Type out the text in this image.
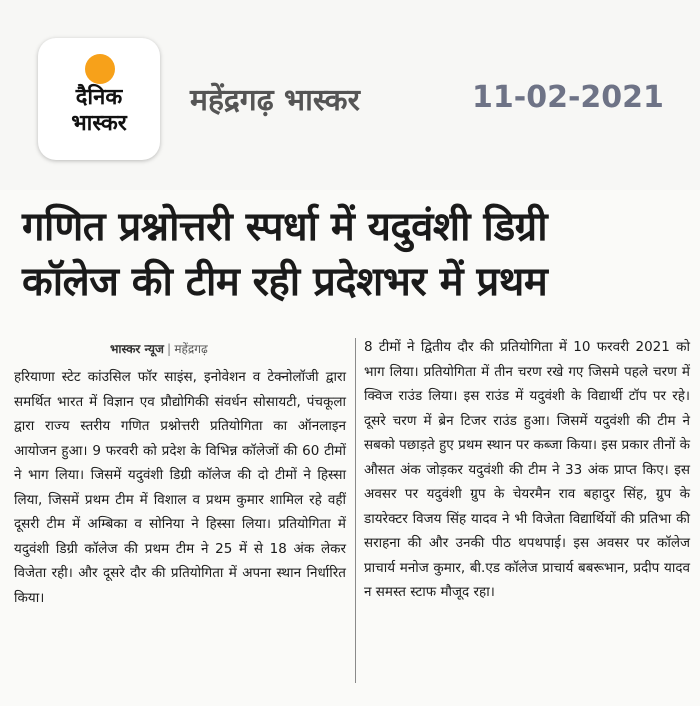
दैनिक
भास्कर
महेंद्रगढ़ भास्कर	11-02-2021
गणित प्रश्नोत्तरी स्पर्धा में यदुवंशी डिग्री
कॉलेज की टीम रही प्रदेशभर में प्रथम
भास्कर न्यूज | महेंद्रगढ़

हरियाणा स्टेट कांउसिल फॉर साइंस, इनोवेशन व टेक्नोलॉजी द्वारा समर्थित भारत में विज्ञान एव प्रौद्योगिकी संवर्धन सोसायटी, पंचकूला द्वारा राज्य स्तरीय गणित प्रश्नोत्तरी प्रतियोगिता का ऑनलाइन आयोजन हुआ। 9 फरवरी को प्रदेश के विभिन्न कॉलेजों की 60 टीमों ने भाग लिया। जिसमें यदुवंशी डिग्री कॉलेज की दो टीमों ने हिस्सा लिया, जिसमें प्रथम टीम में विशाल व प्रथम कुमार शामिल रहे वहीं दूसरी टीम में अम्बिका व सोनिया ने हिस्सा लिया। प्रतियोगिता में यदुवंशी डिग्री कॉलेज की प्रथम टीम ने 25 में से 18 अंक लेकर विजेता रही। और दूसरे दौर की प्रतियोगिता में अपना स्थान निर्धारित किया।

8 टीमों ने द्वितीय दौर की प्रतियोगिता में 10 फरवरी 2021 को भाग लिया। प्रतियोगिता में तीन चरण रखे गए जिसमे पहले चरण में क्विज राउंड लिया। इस राउंड में यदुवंशी के विद्यार्थी टॉप पर रहे। दूसरे चरण में ब्रेन टिजर राउंड हुआ। जिसमें यदुवंशी की टीम ने सबको पछाड़ते हुए प्रथम स्थान पर कब्जा किया। इस प्रकार तीनों के औसत अंक जोड़कर यदुवंशी की टीम ने 33 अंक प्राप्त किए। इस अवसर पर यदुवंशी ग्रुप के चेयरमैन राव बहादुर सिंह, ग्रुप के डायरेक्टर विजय सिंह यादव ने भी विजेता विद्यार्थियों की प्रतिभा की सराहना की और उनकी पीठ थपथपाई। इस अवसर पर कॉलेज प्राचार्य मनोज कुमार, बी.एड कॉलेज प्राचार्य बबरूभान, प्रदीप यादव न समस्त स्टाफ मौजूद रहा।
